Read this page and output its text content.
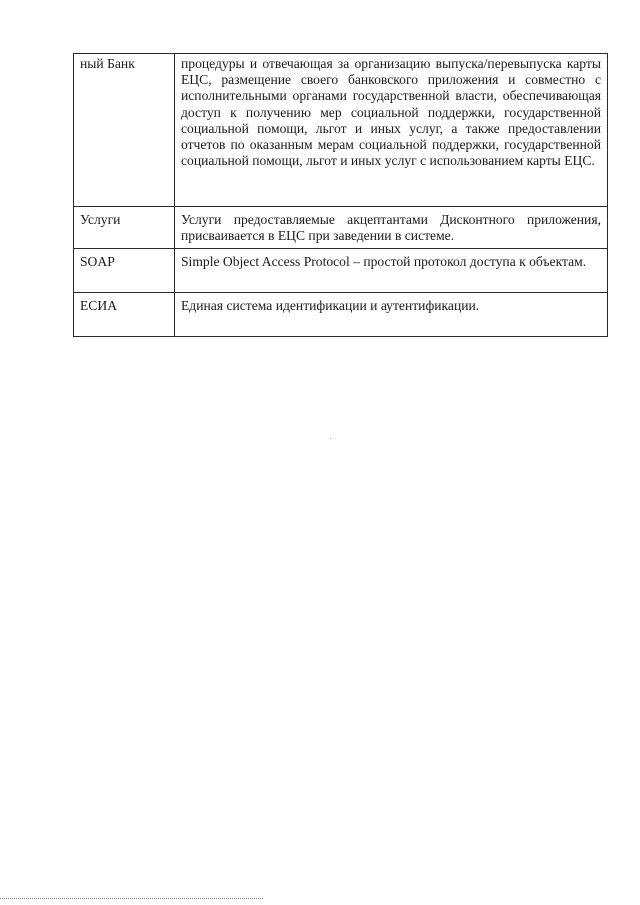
ный Банк	процедуры и отвечающая за организацию выпуска/перевыпуска карты ЕЦС, размещение своего банковского приложения и совместно с исполнительными органами государственной власти, обеспечивающая доступ к получению мер социальной поддержки, государственной социальной помощи, льгот и иных услуг, а также предоставлении отчетов по оказанным мерам социальной поддержки, государственной социальной помощи, льгот и иных услуг с использованием карты ЕЦС.

Услуги	Услуги предоставляемые акцептантами Дисконтного приложения, присваивается в ЕЦС при заведении в системе.

SOAP	Simple Object Access Protocol – простой протокол доступа к объектам.

ЕСИА	Единая система идентификации и аутентификации.
